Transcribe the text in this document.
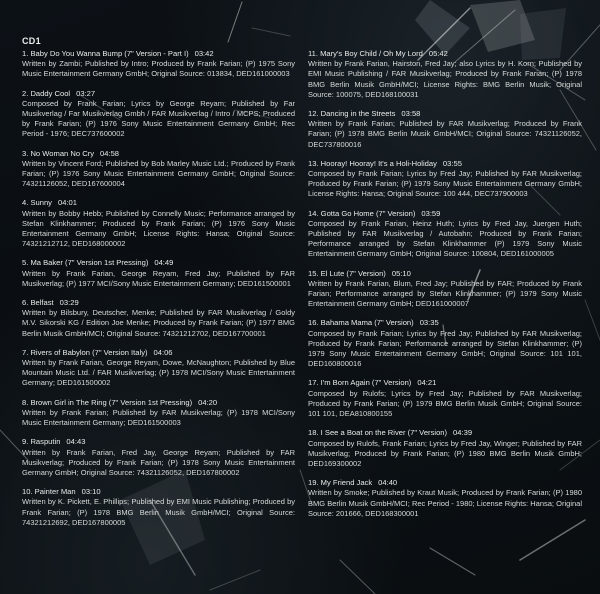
CD1
1. Baby Do You Wanna Bump (7" Version - Part I) 03:42
Written by Zambi; Published by Intro; Produced by Frank Farian; (P) 1975 Sony Music Entertainment Germany GmbH; Original Source: 013834, DED161000003
2. Daddy Cool 03:27
Composed by Frank Farian; Lyrics by George Reyam; Published by Far Musikverlag / Far Musikverlag Gmbh / FAR Musikverlag / Intro / MCPS; Produced by Frank Farian; (P) 1976 Sony Music Entertainment Germany GmbH; Rec Period - 1976; DEC737600002
3. No Woman No Cry 04:58
Written by Vincent Ford; Published by Bob Marley Music Ltd.; Produced by Frank Farian; (P) 1976 Sony Music Entertainment Germany GmbH; Original Source: 74321126052, DED167600004
4. Sunny 04:01
Written by Bobby Hebb; Published by Connelly Music; Performance arranged by Stefan Klinkhammer; Produced by Frank Farian; (P) 1976 Sony Music Entertainment Germany GmbH; License Rights: Hansa; Original Source: 74321212712, DED168000002
5. Ma Baker (7" Version 1st Pressing) 04:49
Written by Frank Farian, George Reyam, Fred Jay; Published by FAR Musikverlag; (P) 1977 MCI/Sony Music Entertainment Germany; DED161500001
6. Belfast 03:29
Written by Bilsbury, Deutscher, Menke; Published by FAR Musikverlag / Goldy M.V. Sikorski KG / Edition Joe Menke; Produced by Frank Farian; (P) 1977 BMG Berlin Musik GmbH/MCI; Original Source: 74321212702, DED167700001
7. Rivers of Babylon (7" Version Italy) 04:06
Written by Frank Farian, George Reyam, Dowe, McNaughton; Published by Blue Mountain Music Ltd. / FAR Musikverlag; (P) 1978 MCI/Sony Music Entertainment Germany; DED161500002
8. Brown Girl in The Ring (7" Version 1st Pressing) 04:20
Written by Frank Farian; Published by FAR Musikverlag; (P) 1978 MCI/Sony Music Entertainment Germany; DED161500003
9. Rasputin 04:43
Written by Frank Farian, Fred Jay, George Reyam; Published by FAR Musikverlag; Produced by Frank Farian; (P) 1978 Sony Music Entertainment Germany GmbH; Original Source: 74321126052, DED167800002
10. Painter Man 03:10
Written by K. Pickett, E. Phillips; Published by EMI Music Publishing; Produced by Frank Farian; (P) 1978 BMG Berlin Musik GmbH/MCI; Original Source: 74321212692, DED167800005
11. Mary's Boy Child / Oh My Lord 05:42
Written by Frank Farian, Hairston, Fred Jay; also Lyrics by H. Korn; Published by EMI Music Publishing / FAR Musikverlag; Produced by Frank Farian; (P) 1978 BMG Berlin Musik GmbH/MCI; License Rights: BMG Berlin Musik; Original Source: 100075, DED168100031
12. Dancing in the Streets 03:58
Written by Frank Farian; Published by FAR Musikverlag; Produced by Frank Farian; (P) 1978 BMG Berlin Musik GmbH/MCI; Original Source: 74321126052, DEC737800016
13. Hooray! Hooray! It's a Holi-Holiday 03:55
Composed by Frank Farian; Lyrics by Fred Jay; Published by FAR Musikverlag; Produced by Frank Farian; (P) 1979 Sony Music Entertainment Germany GmbH; License Rights: Hansa; Original Source: 100 444, DEC737900003
14. Gotta Go Home (7" Version) 03:59
Composed by Frank Farian, Heinz Huth; Lyrics by Fred Jay, Juergen Huth; Published by FAR Musikverlag / Autobahn; Produced by Frank Farian; Performance arranged by Stefan Klinkhammer (P) 1979 Sony Music Entertainment Germany GmbH; Original Source: 100804, DED161000005
15. El Lute (7" Version) 05:10
Written by Frank Farian, Blum, Fred Jay; Published by FAR; Produced by Frank Farian; Performance arranged by Stefan Klinkhammer; (P) 1979 Sony Music Entertainment Germany GmbH; DED161000007
16. Bahama Mama (7" Version) 03:35
Composed by Frank Farian; Lyrics by Fred Jay; Published by FAR Musikverlag; Produced by Frank Farian; Performance arranged by Stefan Klinkhammer; (P) 1979 Sony Music Entertainment Germany GmbH; Original Source: 101 101, DED160800016
17. I'm Born Again (7" Version) 04:21
Composed by Rulofs; Lyrics by Fred Jay; Published by FAR Musikverlag; Produced by Frank Farian; (P) 1979 BMG Berlin Musik GmbH; Original Source: 101 101, DEA810800155
18. I See a Boat on the River (7" Version) 04:39
Composed by Rulofs, Frank Farian; Lyrics by Fred Jay, Winger; Published by FAR Musikverlag; Produced by Frank Farian; (P) 1980 BMG Berlin Musik GmbH; DED169300002
19. My Friend Jack 04:40
Written by Smoke; Published by Kraut Musik; Produced by Frank Farian; (P) 1980 BMG Berlin Musik GmbH/MCI; Rec Period - 1980; License Rights: Hansa; Original Source: 201666, DED168300001
